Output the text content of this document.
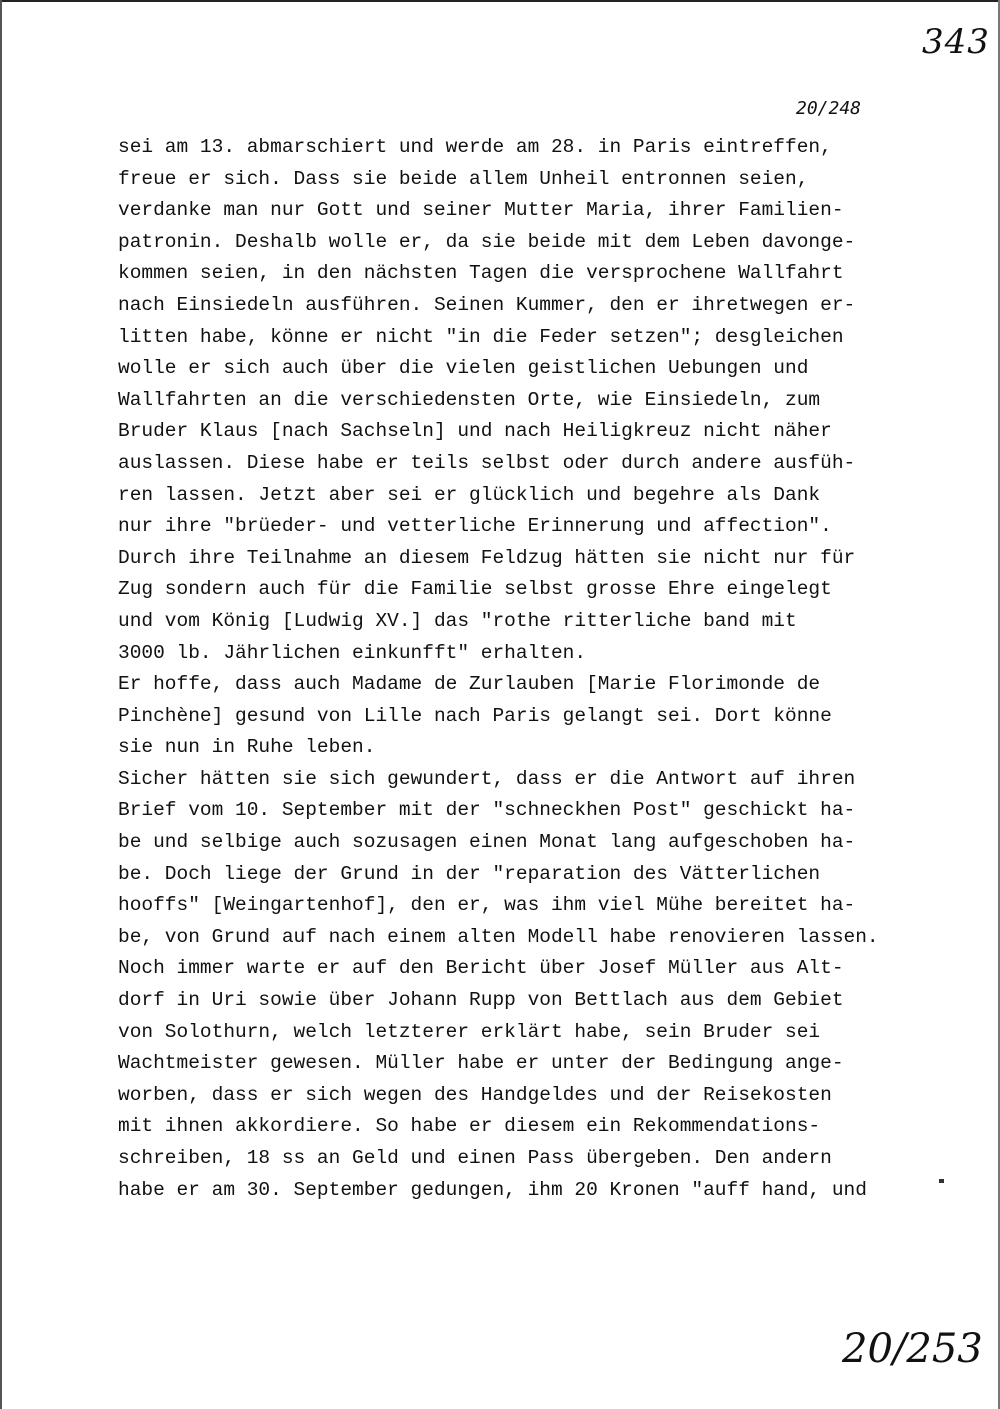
343
20/248
sei am 13. abmarschiert und werde am 28. in Paris eintreffen,
freue er sich. Dass sie beide allem Unheil entronnen seien,
verdanke man nur Gott und seiner Mutter Maria, ihrer Familien-
patronin. Deshalb wolle er, da sie beide mit dem Leben davonge-
kommen seien, in den nächsten Tagen die versprochene Wallfahrt
nach Einsiedeln ausführen. Seinen Kummer, den er ihretwegen er-
litten habe, könne er nicht "in die Feder setzen"; desgleichen
wolle er sich auch über die vielen geistlichen Uebungen und
Wallfahrten an die verschiedensten Orte, wie Einsiedeln, zum
Bruder Klaus [nach Sachseln] und nach Heiligkreuz nicht näher
auslassen. Diese habe er teils selbst oder durch andere ausfüh-
ren lassen. Jetzt aber sei er glücklich und begehre als Dank
nur ihre "brüeder- und vetterliche Erinnerung und affection".
Durch ihre Teilnahme an diesem Feldzug hätten sie nicht nur für
Zug sondern auch für die Familie selbst grosse Ehre eingelegt
und vom König [Ludwig XV.] das "rothe ritterliche band mit
3000 lb. Jährlichen einkunfft" erhalten.
Er hoffe, dass auch Madame de Zurlauben [Marie Florimonde de
Pinchène] gesund von Lille nach Paris gelangt sei. Dort könne
sie nun in Ruhe leben.
Sicher hätten sie sich gewundert, dass er die Antwort auf ihren
Brief vom 10. September mit der "schneckhen Post" geschickt ha-
be und selbige auch sozusagen einen Monat lang aufgeschoben ha-
be. Doch liege der Grund in der "reparation des Vätterlichen
hooffs" [Weingartenhof], den er, was ihm viel Mühe bereitet ha-
be, von Grund auf nach einem alten Modell habe renovieren lassen.
Noch immer warte er auf den Bericht über Josef Müller aus Alt-
dorf in Uri sowie über Johann Rupp von Bettlach aus dem Gebiet
von Solothurn, welch letzterer erklärt habe, sein Bruder sei
Wachtmeister gewesen. Müller habe er unter der Bedingung ange-
worben, dass er sich wegen des Handgeldes und der Reisekosten
mit ihnen akkordiere. So habe er diesem ein Rekommendations-
schreiben, 18 ss an Geld und einen Pass übergeben. Den andern
habe er am 30. September gedungen, ihm 20 Kronen "auff hand, und
20/253
